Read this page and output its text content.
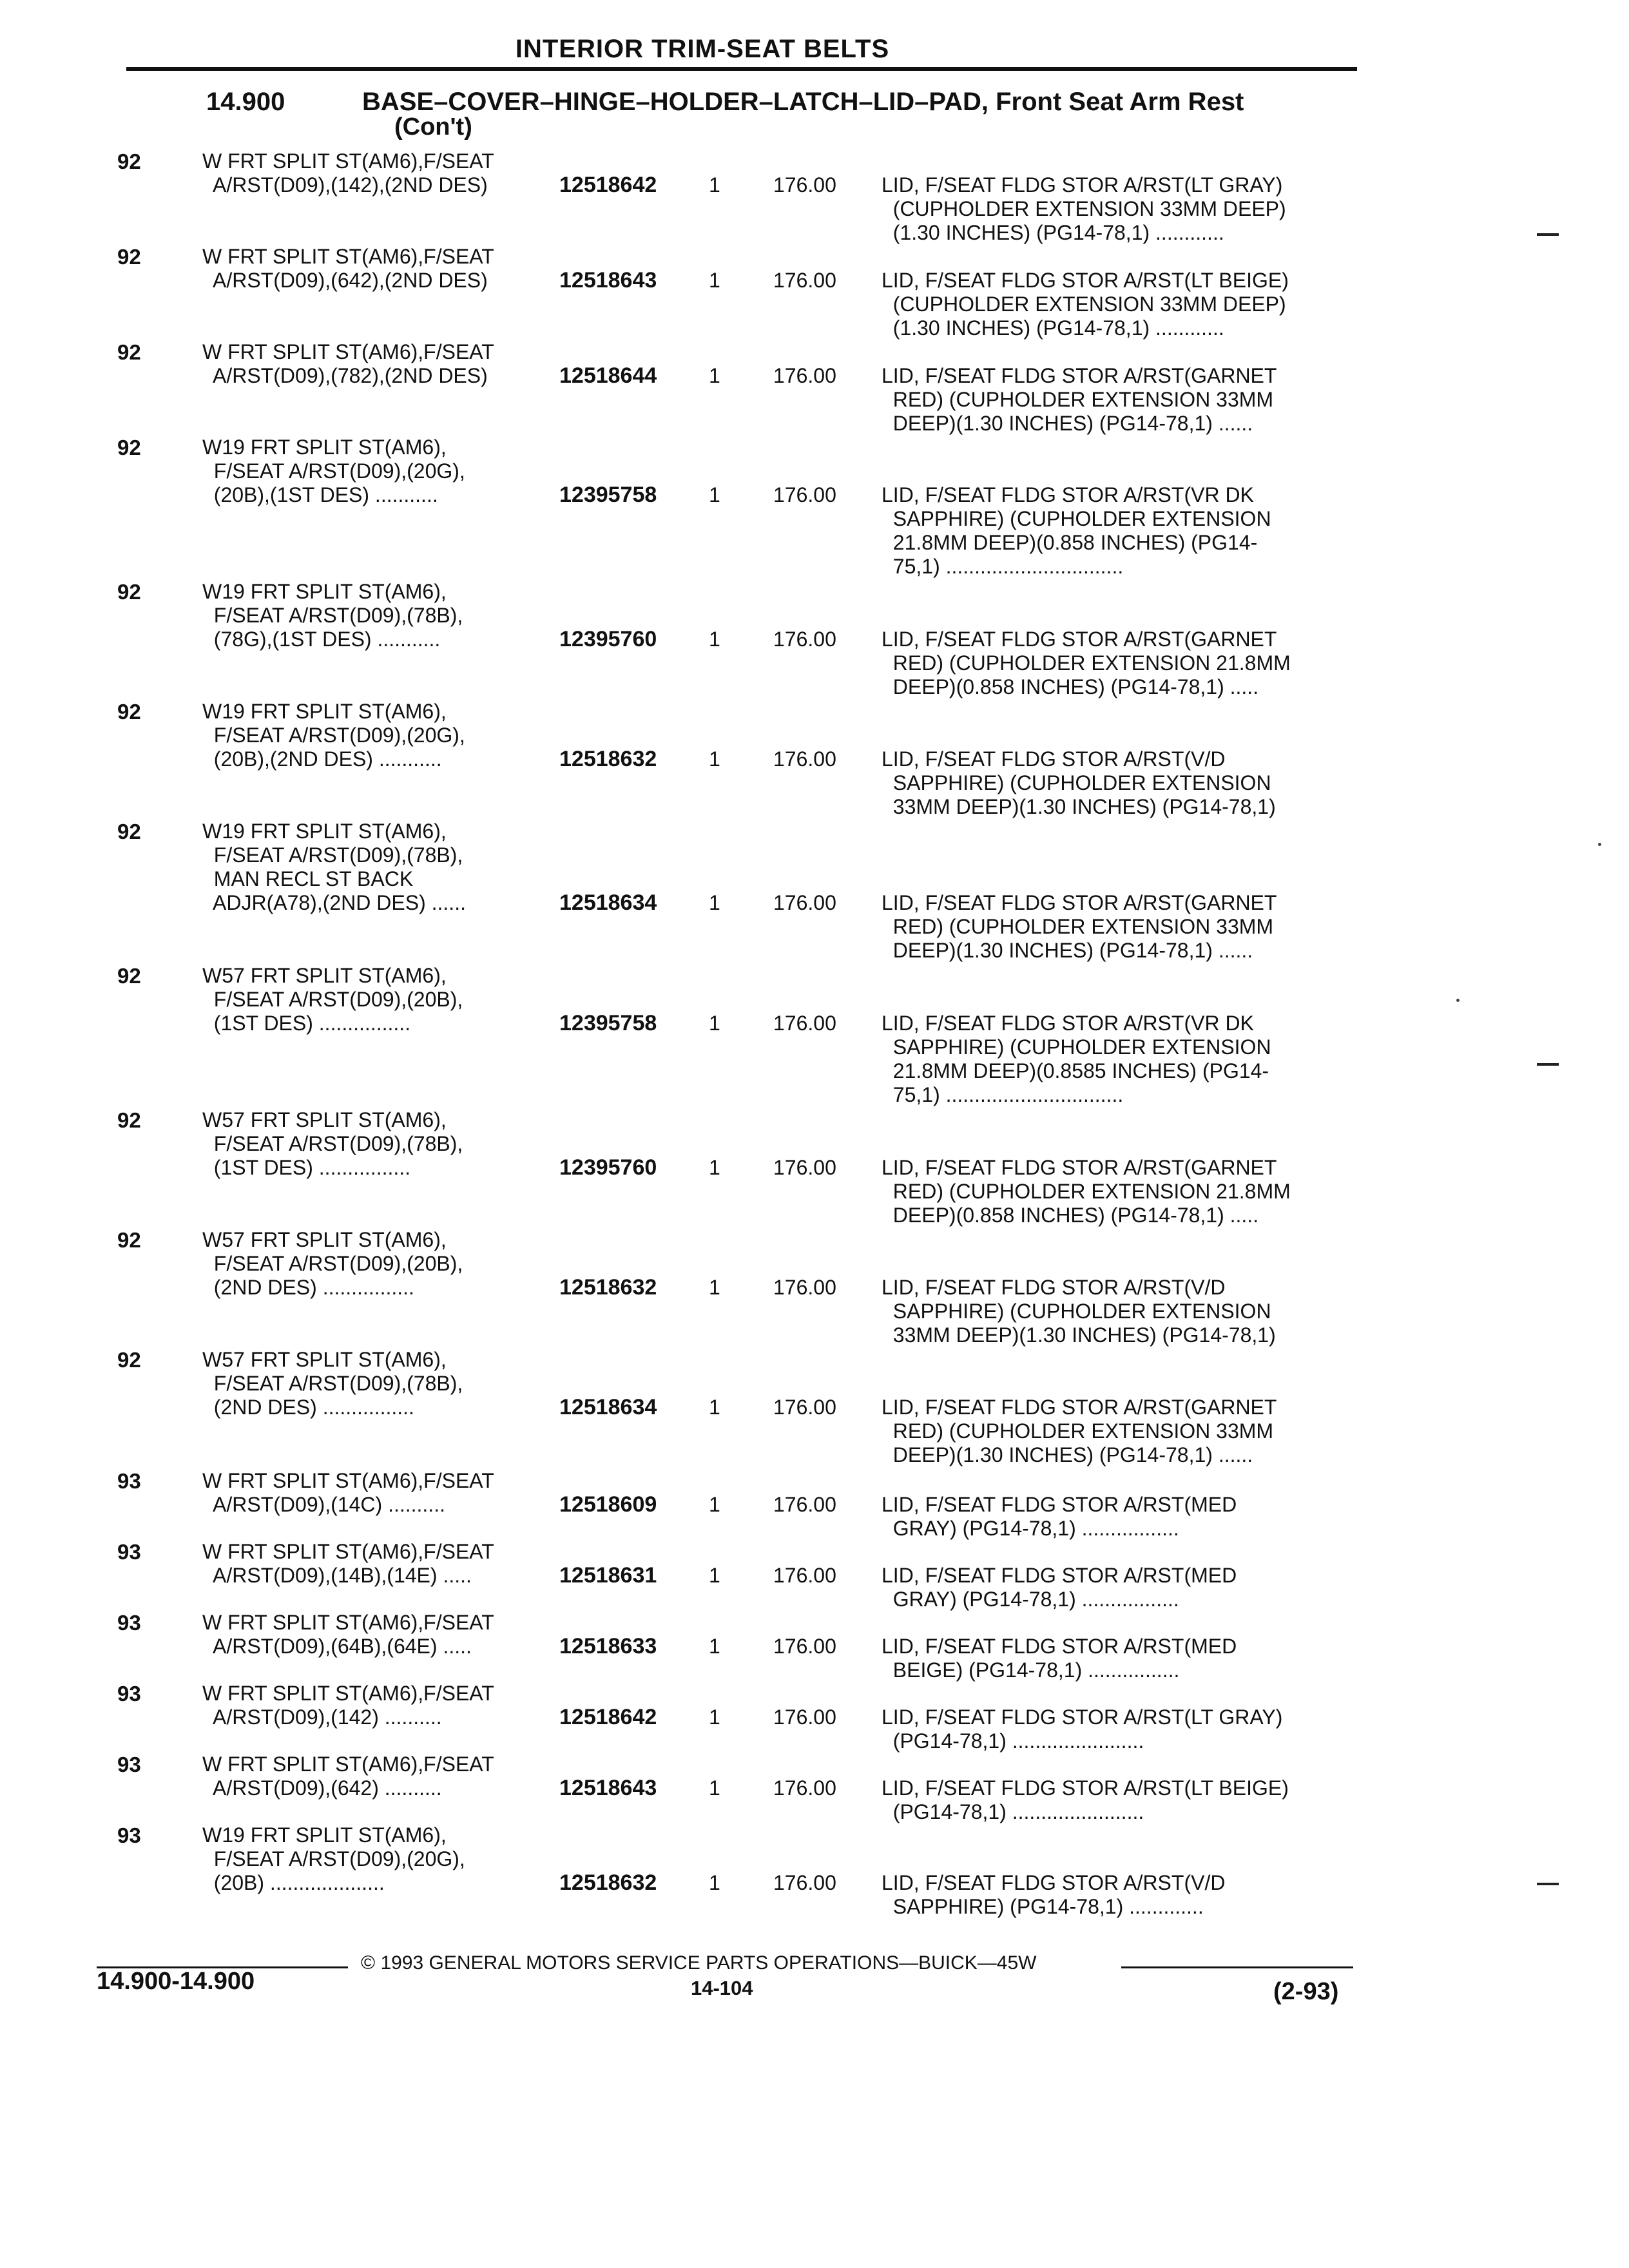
INTERIOR TRIM-SEAT BELTS
14.900	BASE–COVER–HINGE–HOLDER–LATCH–LID–PAD, Front Seat Arm Rest
(Con't)
92	W FRT SPLIT ST(AM6),F/SEAT
A/RST(D09),(142),(2ND DES)	12518642	1	176.00 LID, F/SEAT FLDG STOR A/RST(LT GRAY)
(CUPHOLDER EXTENSION 33MM DEEP)
(1.30 INCHES) (PG14-78,1) ............
92	W FRT SPLIT ST(AM6),F/SEAT
A/RST(D09),(642),(2ND DES)	12518643	1	176.00 LID, F/SEAT FLDG STOR A/RST(LT BEIGE)
(CUPHOLDER EXTENSION 33MM DEEP)
(1.30 INCHES) (PG14-78,1) ............
92	W FRT SPLIT ST(AM6),F/SEAT
A/RST(D09),(782),(2ND DES)	12518644	1	176.00 LID, F/SEAT FLDG STOR A/RST(GARNET
RED) (CUPHOLDER EXTENSION 33MM
DEEP)(1.30 INCHES) (PG14-78,1) ......
92	W19 FRT SPLIT ST(AM6),
F/SEAT A/RST(D09),(20G),
(20B),(1ST DES) ...........	12395758	1	176.00 LID, F/SEAT FLDG STOR A/RST(VR DK
SAPPHIRE) (CUPHOLDER EXTENSION
21.8MM DEEP)(0.858 INCHES) (PG14-
75,1) ...............................
92	W19 FRT SPLIT ST(AM6),
F/SEAT A/RST(D09),(78B),
(78G),(1ST DES) ...........	12395760	1	176.00 LID, F/SEAT FLDG STOR A/RST(GARNET
RED) (CUPHOLDER EXTENSION 21.8MM
DEEP)(0.858 INCHES) (PG14-78,1) .....
92	W19 FRT SPLIT ST(AM6),
F/SEAT A/RST(D09),(20G),
(20B),(2ND DES) ...........	12518632	1	176.00 LID, F/SEAT FLDG STOR A/RST(V/D
SAPPHIRE) (CUPHOLDER EXTENSION
33MM DEEP)(1.30 INCHES) (PG14-78,1)
92	W19 FRT SPLIT ST(AM6),
F/SEAT A/RST(D09),(78B),
MAN RECL ST BACK
ADJR(A78),(2ND DES) ......	12518634	1	176.00 LID, F/SEAT FLDG STOR A/RST(GARNET
RED) (CUPHOLDER EXTENSION 33MM
DEEP)(1.30 INCHES) (PG14-78,1) ......
92	W57 FRT SPLIT ST(AM6),
F/SEAT A/RST(D09),(20B),
(1ST DES) ................	12395758	1	176.00 LID, F/SEAT FLDG STOR A/RST(VR DK
SAPPHIRE) (CUPHOLDER EXTENSION
21.8MM DEEP)(0.8585 INCHES) (PG14-
75,1) ...............................
92	W57 FRT SPLIT ST(AM6),
F/SEAT A/RST(D09),(78B),
(1ST DES) ................	12395760	1	176.00 LID, F/SEAT FLDG STOR A/RST(GARNET
RED) (CUPHOLDER EXTENSION 21.8MM
DEEP)(0.858 INCHES) (PG14-78,1) .....
92	W57 FRT SPLIT ST(AM6),
F/SEAT A/RST(D09),(20B),
(2ND DES) ................	12518632	1	176.00 LID, F/SEAT FLDG STOR A/RST(V/D
SAPPHIRE) (CUPHOLDER EXTENSION
33MM DEEP)(1.30 INCHES) (PG14-78,1)
92	W57 FRT SPLIT ST(AM6),
F/SEAT A/RST(D09),(78B),
(2ND DES) ................	12518634	1	176.00 LID, F/SEAT FLDG STOR A/RST(GARNET
RED) (CUPHOLDER EXTENSION 33MM
DEEP)(1.30 INCHES) (PG14-78,1) ......
93	W FRT SPLIT ST(AM6),F/SEAT
A/RST(D09),(14C) ..........	12518609	1	176.00 LID, F/SEAT FLDG STOR A/RST(MED
GRAY) (PG14-78,1) .................
93	W FRT SPLIT ST(AM6),F/SEAT
A/RST(D09),(14B),(14E) .....	12518631	1	176.00 LID, F/SEAT FLDG STOR A/RST(MED
GRAY) (PG14-78,1) .................
93	W FRT SPLIT ST(AM6),F/SEAT
A/RST(D09),(64B),(64E) .....	12518633	1	176.00 LID, F/SEAT FLDG STOR A/RST(MED
BEIGE) (PG14-78,1) ................
93	W FRT SPLIT ST(AM6),F/SEAT
A/RST(D09),(142) ..........	12518642	1	176.00 LID, F/SEAT FLDG STOR A/RST(LT GRAY)
(PG14-78,1) .......................
93	W FRT SPLIT ST(AM6),F/SEAT
A/RST(D09),(642) ..........	12518643	1	176.00 LID, F/SEAT FLDG STOR A/RST(LT BEIGE)
(PG14-78,1) .......................
93	W19 FRT SPLIT ST(AM6),
F/SEAT A/RST(D09),(20G),
(20B) ....................	12518632	1	176.00 LID, F/SEAT FLDG STOR A/RST(V/D
SAPPHIRE) (PG14-78,1) .............
© 1993 GENERAL MOTORS SERVICE PARTS OPERATIONS—BUICK—45W
14.900-14.900	14-104	(2-93)
